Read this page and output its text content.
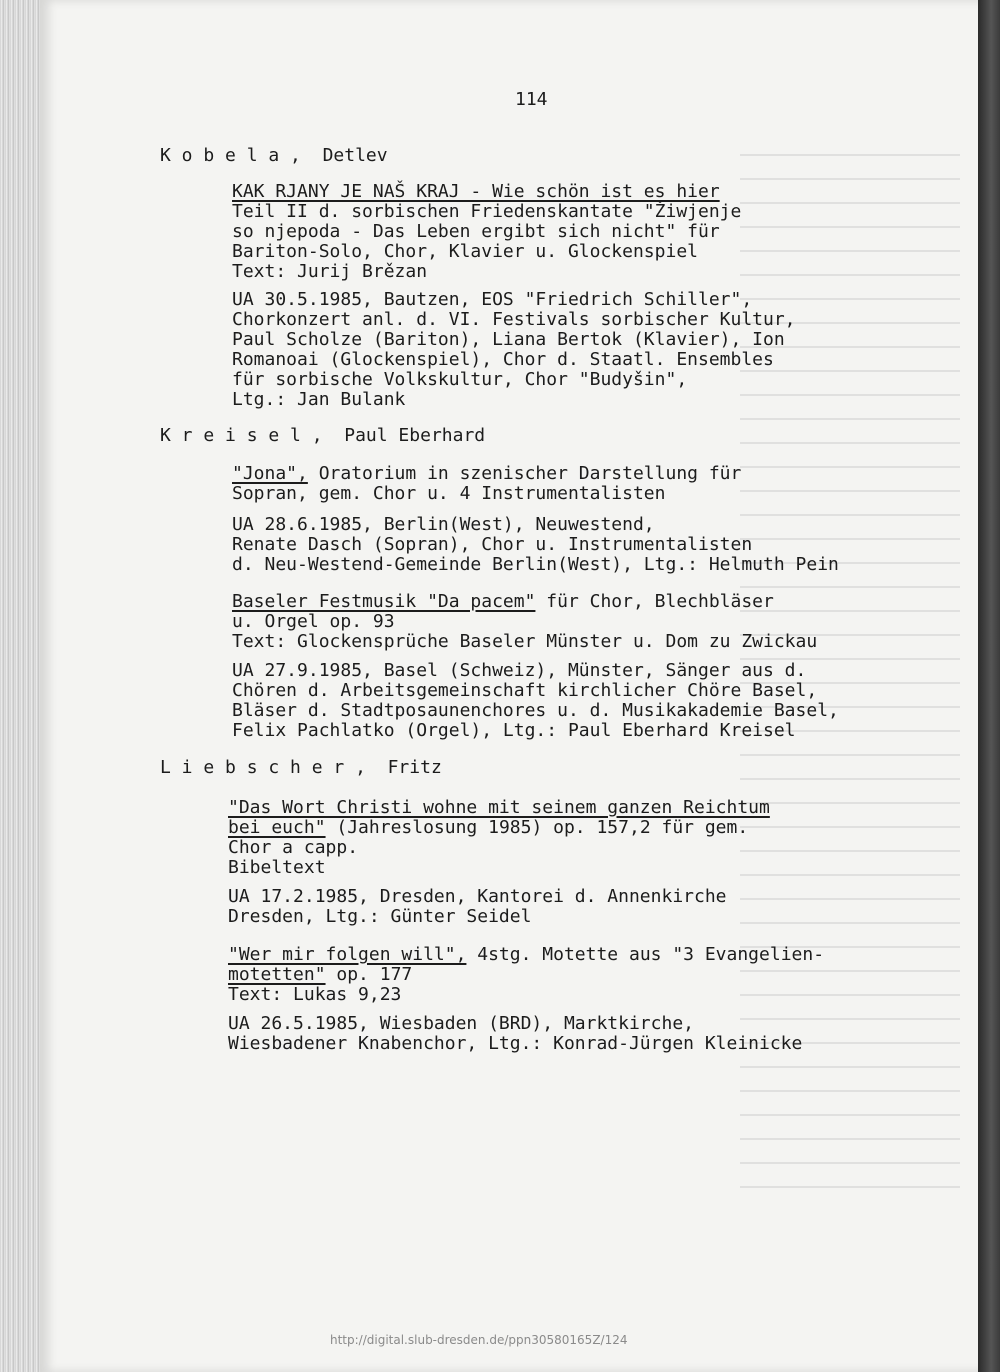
114
K o b e l a , Detlev
KAK RJANY JE NAŠ KRAJ - Wie schön ist es hier
Teil II d. sorbischen Friedenskantate "Žiwjenje
so njepoda - Das Leben ergibt sich nicht" für
Bariton-Solo, Chor, Klavier u. Glockenspiel
Text: Jurij Brězan
UA 30.5.1985, Bautzen, EOS "Friedrich Schiller",
Chorkonzert anl. d. VI. Festivals sorbischer Kultur,
Paul Scholze (Bariton), Liana Bertok (Klavier), Ion
Romanoai (Glockenspiel), Chor d. Staatl. Ensembles
für sorbische Volkskultur, Chor "Budyšin",
Ltg.: Jan Bulank
K r e i s e l , Paul Eberhard
"Jona", Oratorium in szenischer Darstellung für
Sopran, gem. Chor u. 4 Instrumentalisten
UA 28.6.1985, Berlin(West), Neuwestend,
Renate Dasch (Sopran), Chor u. Instrumentalisten
d. Neu-Westend-Gemeinde Berlin(West), Ltg.: Helmuth Pein
Baseler Festmusik "Da pacem" für Chor, Blechbläser
u. Orgel op. 93
Text: Glockensprüche Baseler Münster u. Dom zu Zwickau
UA 27.9.1985, Basel (Schweiz), Münster, Sänger aus d.
Chören d. Arbeitsgemeinschaft kirchlicher Chöre Basel,
Bläser d. Stadtposaunenchores u. d. Musikakademie Basel,
Felix Pachlatko (Orgel), Ltg.: Paul Eberhard Kreisel
L i e b s c h e r , Fritz
"Das Wort Christi wohne mit seinem ganzen Reichtum
bei euch" (Jahreslosung 1985) op. 157,2 für gem.
Chor a capp.
Bibeltext
UA 17.2.1985, Dresden, Kantorei d. Annenkirche
Dresden, Ltg.: Günter Seidel
"Wer mir folgen will", 4stg. Motette aus "3 Evangelien-
motetten" op. 177
Text: Lukas 9,23
UA 26.5.1985, Wiesbaden (BRD), Marktkirche,
Wiesbadener Knabenchor, Ltg.: Konrad-Jürgen Kleinicke
http://digital.slub-dresden.de/ppn30580165Z/124
